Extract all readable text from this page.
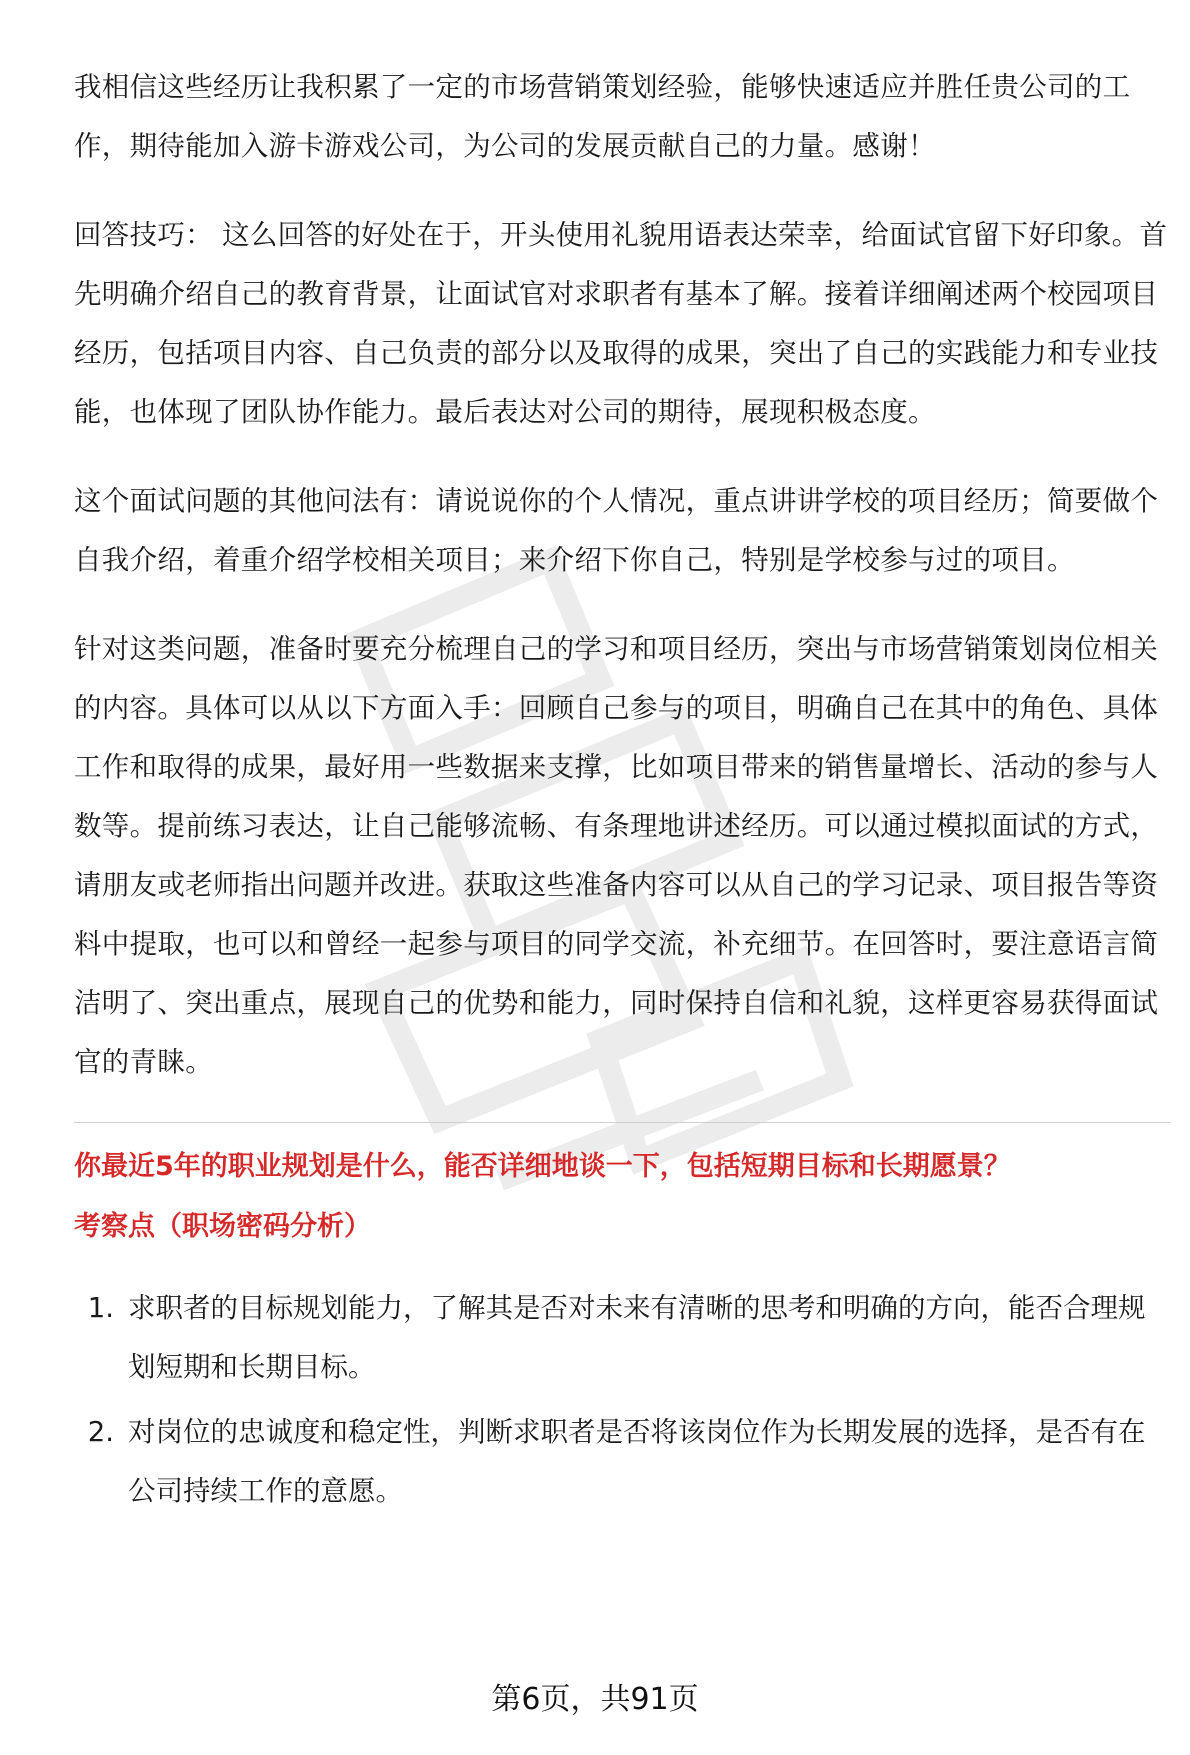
我相信这些经历让我积累了一定的市场营销策划经验，能够快速适应并胜任贵公司的工作，期待能加入游卡游戏公司，为公司的发展贡献自己的力量。感谢！

回答技巧： 这么回答的好处在于，开头使用礼貌用语表达荣幸，给面试官留下好印象。首先明确介绍自己的教育背景，让面试官对求职者有基本了解。接着详细阐述两个校园项目经历，包括项目内容、自己负责的部分以及取得的成果，突出了自己的实践能力和专业技能，也体现了团队协作能力。最后表达对公司的期待，展现积极态度。

这个面试问题的其他问法有：请说说你的个人情况，重点讲讲学校的项目经历；简要做个自我介绍，着重介绍学校相关项目；来介绍下你自己，特别是学校参与过的项目。

针对这类问题，准备时要充分梳理自己的学习和项目经历，突出与市场营销策划岗位相关的内容。具体可以从以下方面入手：回顾自己参与的项目，明确自己在其中的角色、具体工作和取得的成果，最好用一些数据来支撑，比如项目带来的销售量增长、活动的参与人数等。提前练习表达，让自己能够流畅、有条理地讲述经历。可以通过模拟面试的方式，请朋友或老师指出问题并改进。获取这些准备内容可以从自己的学习记录、项目报告等资料中提取，也可以和曾经一起参与项目的同学交流，补充细节。在回答时，要注意语言简洁明了、突出重点，展现自己的优势和能力，同时保持自信和礼貌，这样更容易获得面试官的青睐。

你最近5年的职业规划是什么，能否详细地谈一下，包括短期目标和长期愿景？

考察点（职场密码分析）

1. 求职者的目标规划能力，了解其是否对未来有清晰的思考和明确的方向，能否合理规划短期和长期目标。
2. 对岗位的忠诚度和稳定性，判断求职者是否将该岗位作为长期发展的选择，是否有在公司持续工作的意愿。
第6页，共91页
